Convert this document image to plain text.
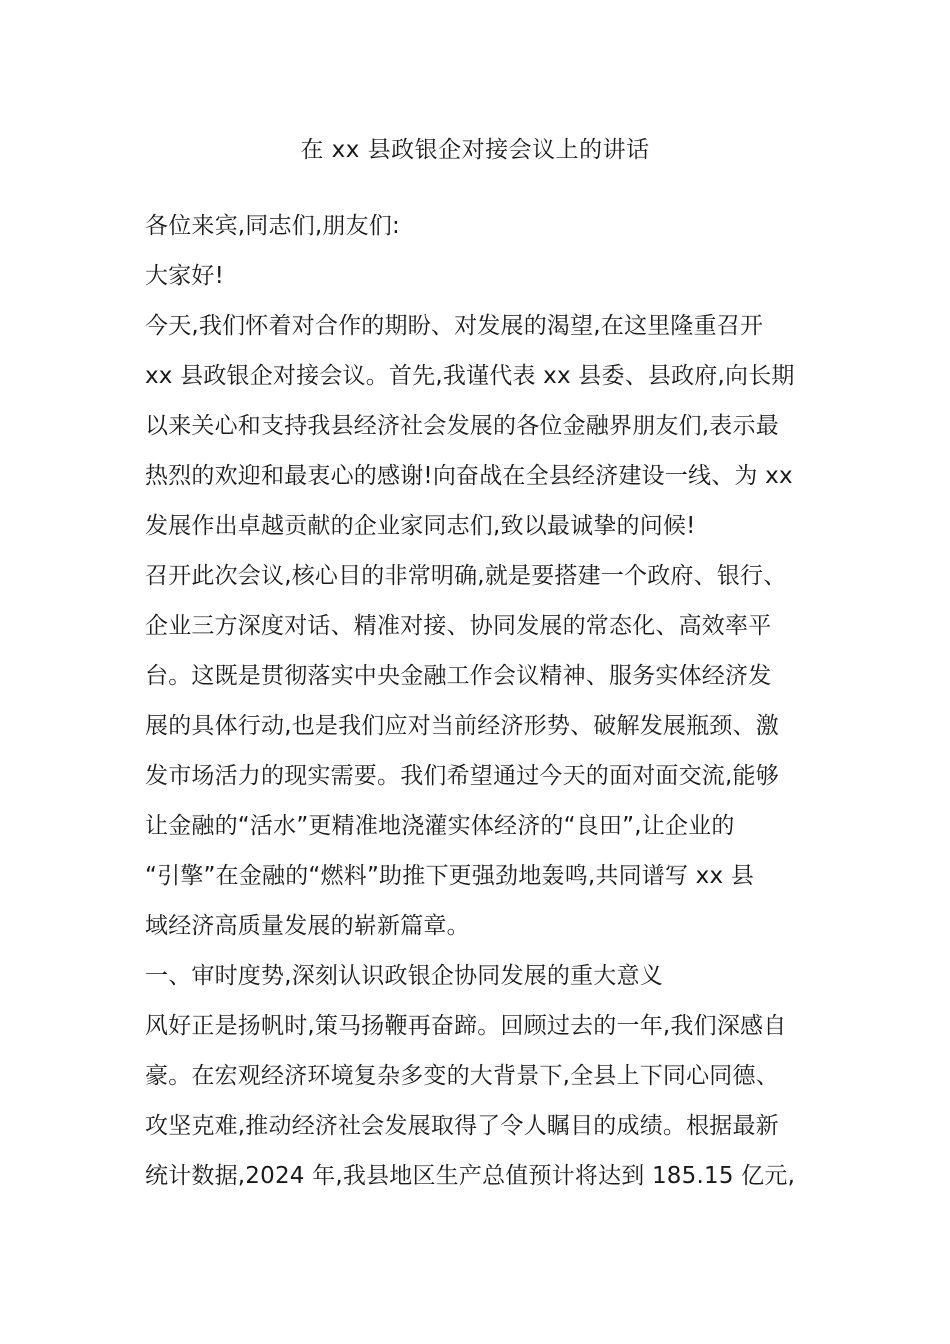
在 xx 县政银企对接会议上的讲话
各位来宾,同志们,朋友们:
大家好!
今天,我们怀着对合作的期盼、对发展的渴望,在这里隆重召开
xx 县政银企对接会议。首先,我谨代表 xx 县委、县政府,向长期
以来关心和支持我县经济社会发展的各位金融界朋友们,表示最
热烈的欢迎和最衷心的感谢!向奋战在全县经济建设一线、为 xx
发展作出卓越贡献的企业家同志们,致以最诚挚的问候!
召开此次会议,核心目的非常明确,就是要搭建一个政府、银行、
企业三方深度对话、精准对接、协同发展的常态化、高效率平
台。这既是贯彻落实中央金融工作会议精神、服务实体经济发
展的具体行动,也是我们应对当前经济形势、破解发展瓶颈、激
发市场活力的现实需要。我们希望通过今天的面对面交流,能够
让金融的“活水”更精准地浇灌实体经济的“良田”,让企业的
“引擎”在金融的“燃料”助推下更强劲地轰鸣,共同谱写 xx 县
域经济高质量发展的崭新篇章。
一、审时度势,深刻认识政银企协同发展的重大意义
风好正是扬帆时,策马扬鞭再奋蹄。回顾过去的一年,我们深感自
豪。在宏观经济环境复杂多变的大背景下,全县上下同心同德、
攻坚克难,推动经济社会发展取得了令人瞩目的成绩。根据最新
统计数据,2024 年,我县地区生产总值预计将达到 185.15 亿元,
